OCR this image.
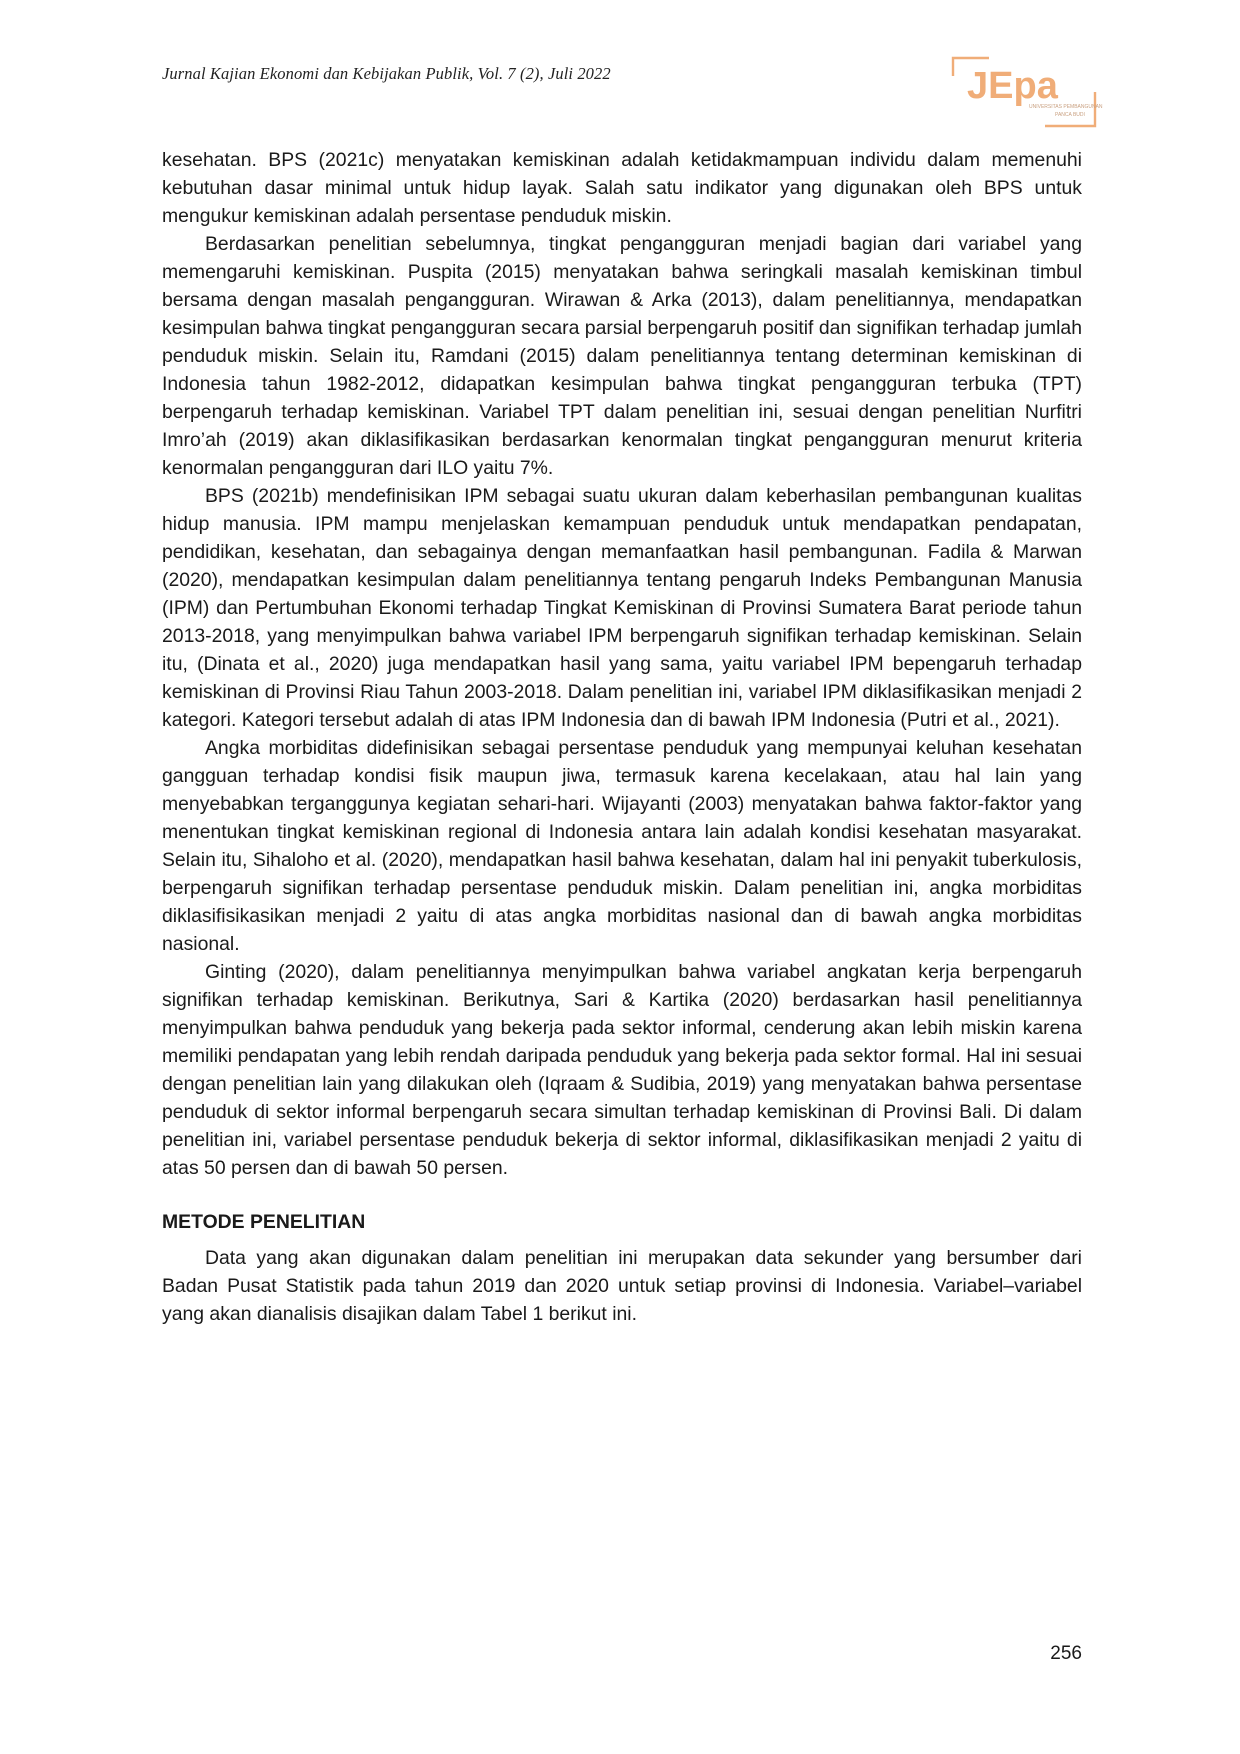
Jurnal Kajian Ekonomi dan Kebijakan Publik, Vol. 7 (2), Juli 2022	JEpa
UNIVERSITAS PEMBANGUNAN
PANCA BUDI

kesehatan. BPS (2021c) menyatakan kemiskinan adalah ketidakmampuan individu dalam memenuhi kebutuhan dasar minimal untuk hidup layak. Salah satu indikator yang digunakan oleh BPS untuk mengukur kemiskinan adalah persentase penduduk miskin.

Berdasarkan penelitian sebelumnya, tingkat pengangguran menjadi bagian dari variabel yang memengaruhi kemiskinan. Puspita (2015) menyatakan bahwa seringkali masalah kemiskinan timbul bersama dengan masalah pengangguran. Wirawan & Arka (2013), dalam penelitiannya, mendapatkan kesimpulan bahwa tingkat pengangguran secara parsial berpengaruh positif dan signifikan terhadap jumlah penduduk miskin. Selain itu, Ramdani (2015) dalam penelitiannya tentang determinan kemiskinan di Indonesia tahun 1982-2012, didapatkan kesimpulan bahwa tingkat pengangguran terbuka (TPT) berpengaruh terhadap kemiskinan. Variabel TPT dalam penelitian ini, sesuai dengan penelitian Nurfitri Imro’ah (2019) akan diklasifikasikan berdasarkan kenormalan tingkat pengangguran menurut kriteria kenormalan pengangguran dari ILO yaitu 7%.

BPS (2021b) mendefinisikan IPM sebagai suatu ukuran dalam keberhasilan pembangunan kualitas hidup manusia. IPM mampu menjelaskan kemampuan penduduk untuk mendapatkan pendapatan, pendidikan, kesehatan, dan sebagainya dengan memanfaatkan hasil pembangunan. Fadila & Marwan (2020), mendapatkan kesimpulan dalam penelitiannya tentang pengaruh Indeks Pembangunan Manusia (IPM) dan Pertumbuhan Ekonomi terhadap Tingkat Kemiskinan di Provinsi Sumatera Barat periode tahun 2013-2018, yang menyimpulkan bahwa variabel IPM berpengaruh signifikan terhadap kemiskinan. Selain itu, (Dinata et al., 2020) juga mendapatkan hasil yang sama, yaitu variabel IPM bepengaruh terhadap kemiskinan di Provinsi Riau Tahun 2003-2018. Dalam penelitian ini, variabel IPM diklasifikasikan menjadi 2 kategori. Kategori tersebut adalah di atas IPM Indonesia dan di bawah IPM Indonesia (Putri et al., 2021).

Angka morbiditas didefinisikan sebagai persentase penduduk yang mempunyai keluhan kesehatan gangguan terhadap kondisi fisik maupun jiwa, termasuk karena kecelakaan, atau hal lain yang menyebabkan terganggunya kegiatan sehari-hari. Wijayanti (2003) menyatakan bahwa faktor-faktor yang menentukan tingkat kemiskinan regional di Indonesia antara lain adalah kondisi kesehatan masyarakat. Selain itu, Sihaloho et al. (2020), mendapatkan hasil bahwa kesehatan, dalam hal ini penyakit tuberkulosis, berpengaruh signifikan terhadap persentase penduduk miskin. Dalam penelitian ini, angka morbiditas diklasifisikasikan menjadi 2 yaitu di atas angka morbiditas nasional dan di bawah angka morbiditas nasional.

Ginting (2020), dalam penelitiannya menyimpulkan bahwa variabel angkatan kerja berpengaruh signifikan terhadap kemiskinan. Berikutnya, Sari & Kartika (2020) berdasarkan hasil penelitiannya menyimpulkan bahwa penduduk yang bekerja pada sektor informal, cenderung akan lebih miskin karena memiliki pendapatan yang lebih rendah daripada penduduk yang bekerja pada sektor formal. Hal ini sesuai dengan penelitian lain yang dilakukan oleh (Iqraam & Sudibia, 2019) yang menyatakan bahwa persentase penduduk di sektor informal berpengaruh secara simultan terhadap kemiskinan di Provinsi Bali. Di dalam penelitian ini, variabel persentase penduduk bekerja di sektor informal, diklasifikasikan menjadi 2 yaitu di atas 50 persen dan di bawah 50 persen.

METODE PENELITIAN

Data yang akan digunakan dalam penelitian ini merupakan data sekunder yang bersumber dari Badan Pusat Statistik pada tahun 2019 dan 2020 untuk setiap provinsi di Indonesia. Variabel–variabel yang akan dianalisis disajikan dalam Tabel 1 berikut ini.

256
